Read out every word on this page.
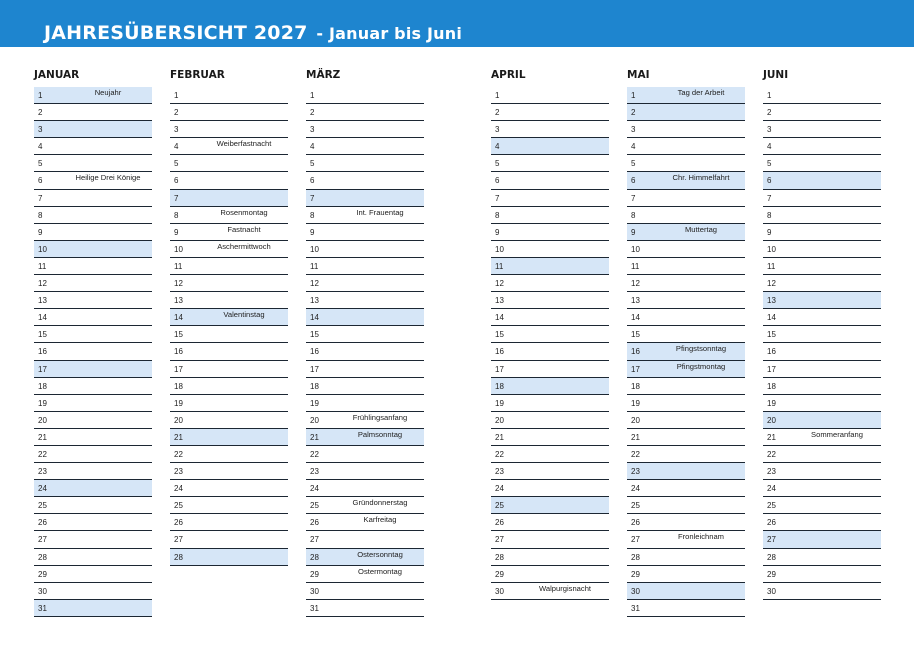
JAHRESÜBERSICHT 2027 - Januar bis Juni
JANUAR
1	Neujahr
2
3
4
5
6	Heilige Drei Könige
7
8
9
10
11
12
13
14
15
16
17
18
19
20
21
22
23
24
25
26
27
28
29
30
31
FEBRUAR
1
2
3
4	Weiberfastnacht
5
6
7
8	Rosenmontag
9	Fastnacht
10	Aschermittwoch
11
12
13
14	Valentinstag
15
16
17
18
19
20
21
22
23
24
25
26
27
28
MÄRZ
1
2
3
4
5
6
7
8	Int. Frauentag
9
10
11
12
13
14
15
16
17
18
19
20	Frühlingsanfang
21	Palmsonntag
22
23
24
25	Gründonnerstag
26	Karfreitag
27
28	Ostersonntag
29	Ostermontag
30
31
APRIL
1
2
3
4
5
6
7
8
9
10
11
12
13
14
15
16
17
18
19
20
21
22
23
24
25
26
27
28
29
30	Walpurgisnacht
MAI
1	Tag der Arbeit
2
3
4
5
6	Chr. Himmelfahrt
7
8
9	Muttertag
10
11
12
13
14
15
16	Pfingstsonntag
17	Pfingstmontag
18
19
20
21
22
23
24
25
26
27	Fronleichnam
28
29
30
31
JUNI
1
2
3
4
5
6
7
8
9
10
11
12
13
14
15
16
17
18
19
20
21	Sommeranfang
22
23
24
25
26
27
28
29
30
